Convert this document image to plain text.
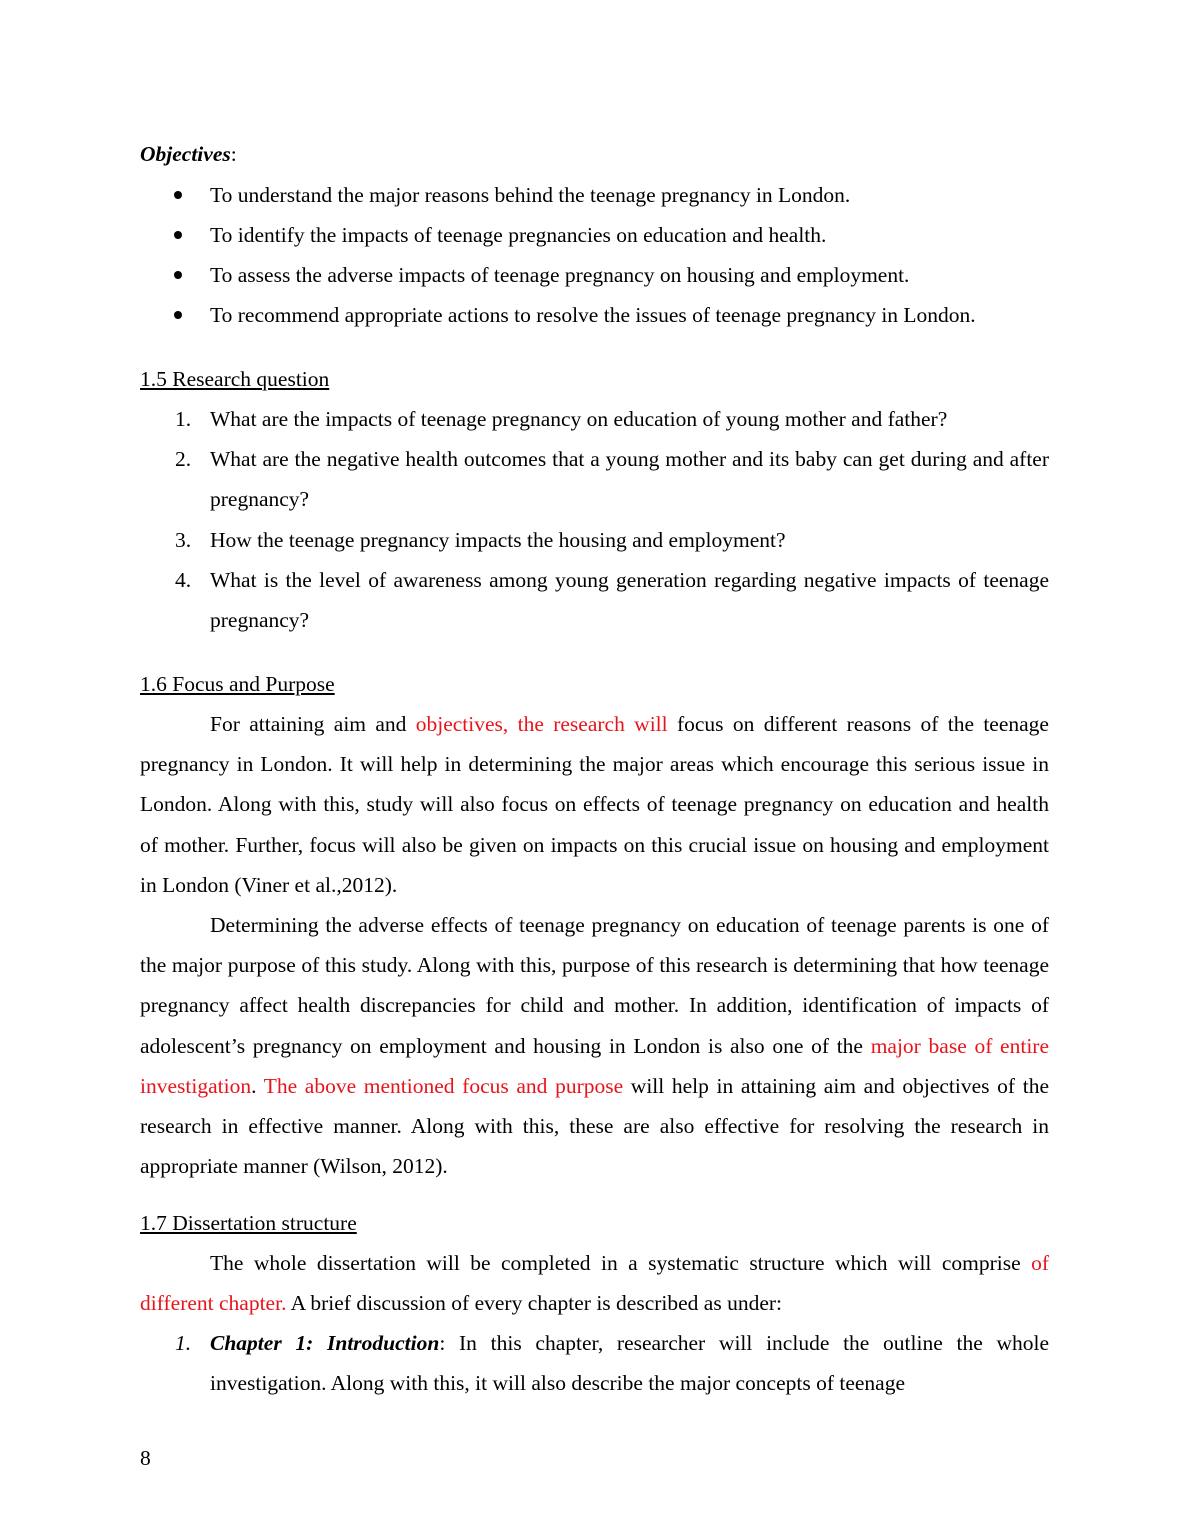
Objectives:
To understand the major reasons behind the teenage pregnancy in London.
To identify the impacts of teenage pregnancies on education and health.
To assess the adverse impacts of teenage pregnancy on housing and employment.
To recommend appropriate actions to resolve the issues of teenage pregnancy in London.
1.5 Research question
1. What are the impacts of teenage pregnancy on education of young mother and father?
2. What are the negative health outcomes that a young mother and its baby can get during and after pregnancy?
3. How the teenage pregnancy impacts the housing and employment?
4. What is the level of awareness among young generation regarding negative impacts of teenage pregnancy?
1.6 Focus and Purpose
For attaining aim and objectives, the research will focus on different reasons of the teenage pregnancy in London. It will help in determining the major areas which encourage this serious issue in London. Along with this, study will also focus on effects of teenage pregnancy on education and health of mother. Further, focus will also be given on impacts on this crucial issue on housing and employment in London (Viner et al.,2012).
Determining the adverse effects of teenage pregnancy on education of teenage parents is one of the major purpose of this study. Along with this, purpose of this research is determining that how teenage pregnancy affect health discrepancies for child and mother. In addition, identification of impacts of adolescent’s pregnancy on employment and housing in London is also one of the major base of entire investigation. The above mentioned focus and purpose will help in attaining aim and objectives of the research in effective manner. Along with this, these are also effective for resolving the research in appropriate manner (Wilson, 2012).
1.7 Dissertation structure
The whole dissertation will be completed in a systematic structure which will comprise of different chapter. A brief discussion of every chapter is described as under:
1. Chapter 1: Introduction: In this chapter, researcher will include the outline the whole investigation. Along with this, it will also describe the major concepts of teenage
8
